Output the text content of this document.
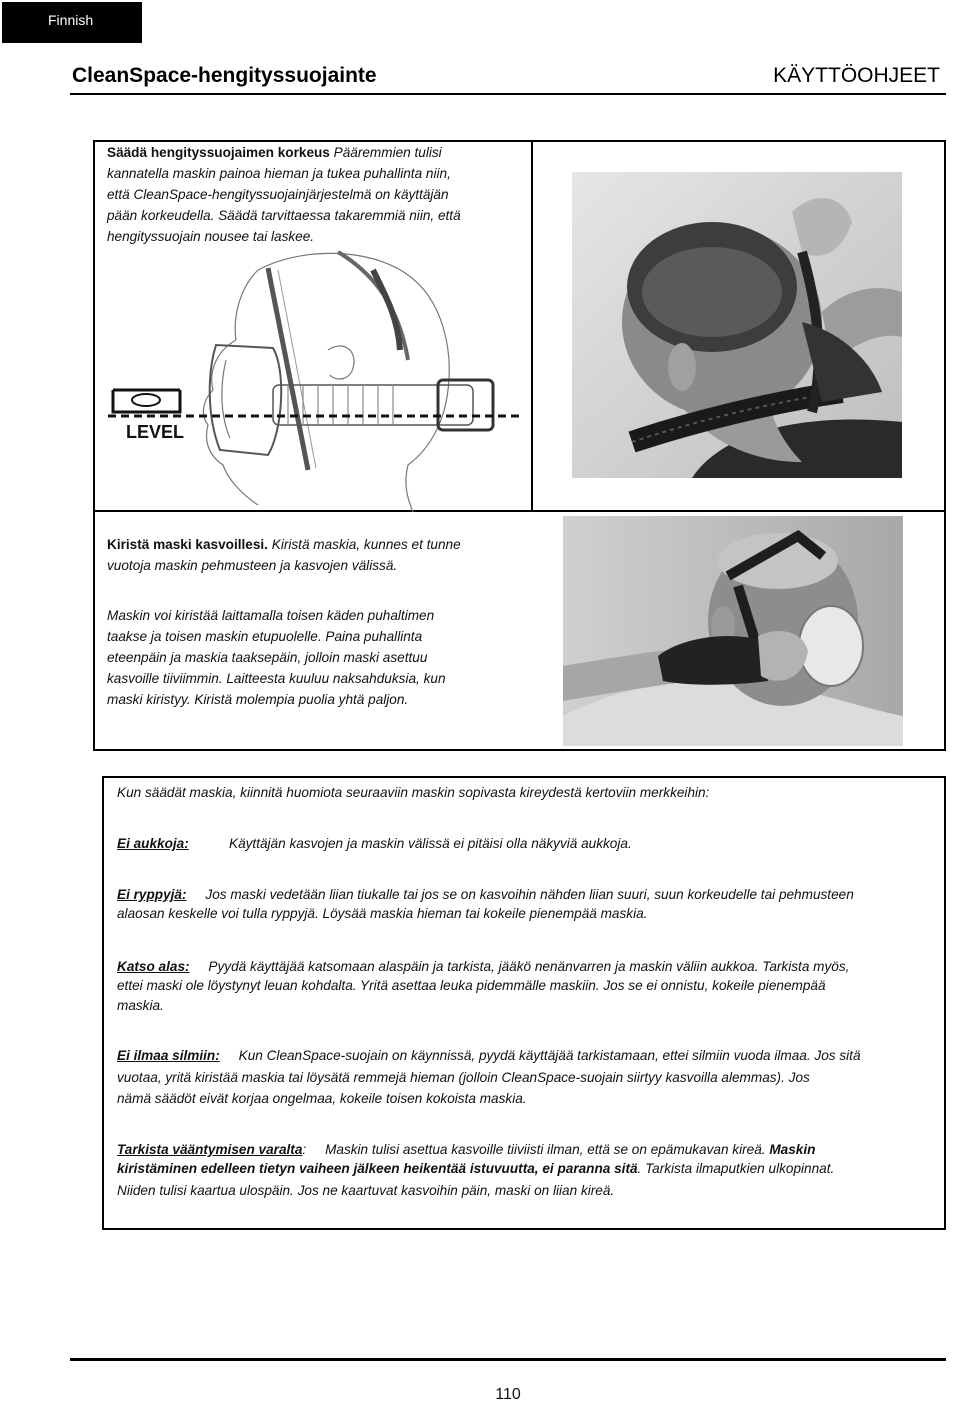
Finnish
CleanSpace-hengityssuojainte	KÄYTTÖOHJEET
Säädä hengityssuojaimen korkeus Pääremmien tulisi
kannatella maskin painoa hieman ja tukea puhallinta niin,
että CleanSpace-hengityssuojainjärjestelmä on käyttäjän
pään korkeudella. Säädä tarvittaessa takaremmiä niin, että
hengityssuojain nousee tai laskee.
LEVEL
Kiristä maski kasvoillesi. Kiristä maskia, kunnes et tunne
vuotoja maskin pehmusteen ja kasvojen välissä.
Maskin voi kiristää laittamalla toisen käden puhaltimen
taakse ja toisen maskin etupuolelle. Paina puhallinta
eteenpäin ja maskia taaksepäin, jolloin maski asettuu
kasvoille tiiviimmin. Laitteesta kuuluu naksahduksia, kun
maski kiristyy. Kiristä molempia puolia yhtä paljon.
Kun säädät maskia, kiinnitä huomiota seuraaviin maskin sopivasta kireydestä kertoviin merkkeihin:
Ei aukkoja:	Käyttäjän kasvojen ja maskin välissä ei pitäisi olla näkyviä aukkoja.
Ei ryppyjä: Jos maski vedetään liian tiukalle tai jos se on kasvoihin nähden liian suuri, suun korkeudelle tai pehmusteen
alaosan keskelle voi tulla ryppyjä. Löysää maskia hieman tai kokeile pienempää maskia.
Katso alas: Pyydä käyttäjää katsomaan alaspäin ja tarkista, jääkö nenänvarren ja maskin väliin aukkoa. Tarkista myös,
ettei maski ole löystynyt leuan kohdalta. Yritä asettaa leuka pidemmälle maskiin. Jos se ei onnistu, kokeile pienempää
maskia.
Ei ilmaa silmiin: Kun CleanSpace-suojain on käynnissä, pyydä käyttäjää tarkistamaan, ettei silmiin vuoda ilmaa. Jos sitä
vuotaa, yritä kiristää maskia tai löysätä remmejä hieman (jolloin CleanSpace-suojain siirtyy kasvoilla alemmas). Jos
nämä säädöt eivät korjaa ongelmaa, kokeile toisen kokoista maskia.
Tarkista vääntymisen varalta: Maskin tulisi asettua kasvoille tiiviisti ilman, että se on epämukavan kireä. Maskin
kiristäminen edelleen tietyn vaiheen jälkeen heikentää istuvuutta, ei paranna sitä. Tarkista ilmaputkien ulkopinnat.
Niiden tulisi kaartua ulospäin. Jos ne kaartuvat kasvoihin päin, maski on liian kireä.
110
